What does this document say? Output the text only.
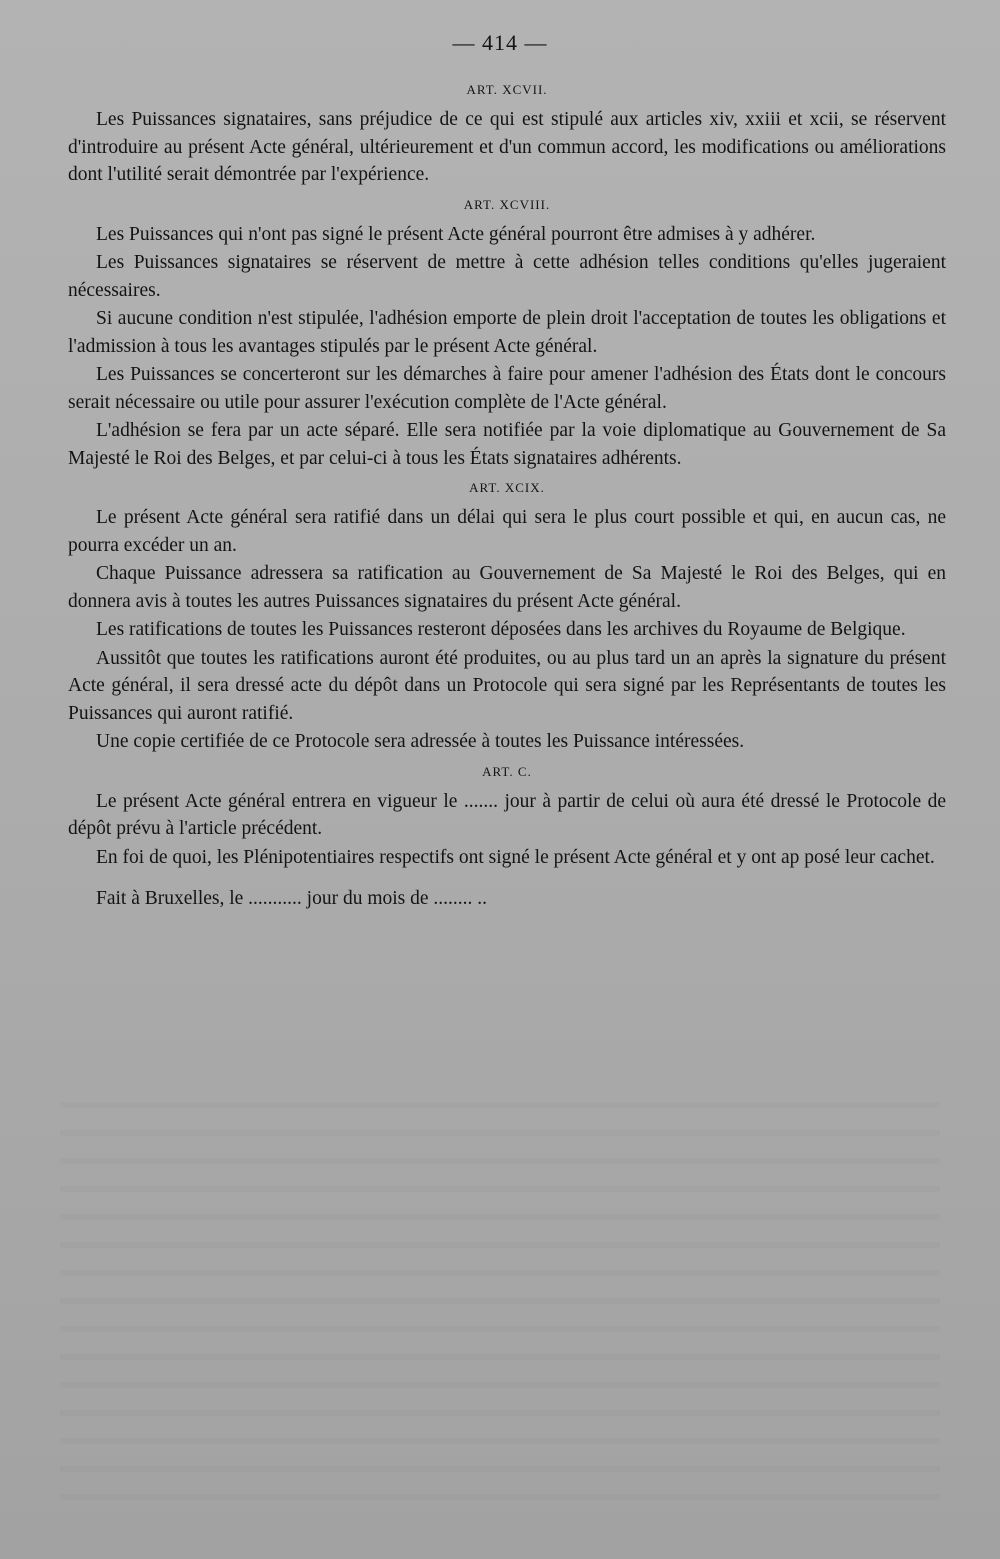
— 414 —
ART. XCVII.

Les Puissances signataires, sans préjudice de ce qui est stipulé aux articles xiv, xxiii et xcii, se réservent d'introduire au présent Acte général, ultérieurement et d'un commun accord, les modifications ou améliorations dont l'utilité serait démontrée par l'expérience.

ART. XCVIII.

Les Puissances qui n'ont pas signé le présent Acte général pourront être admises à y adhérer.

Les Puissances signataires se réservent de mettre à cette adhésion telles conditions qu'elles jugeraient nécessaires.

Si aucune condition n'est stipulée, l'adhésion emporte de plein droit l'acceptation de toutes les obligations et l'admission à tous les avantages stipulés par le présent Acte général.

Les Puissances se concerteront sur les démarches à faire pour amener l'adhésion des États dont le concours serait nécessaire ou utile pour assurer l'exécution complète de l'Acte général.

L'adhésion se fera par un acte séparé. Elle sera notifiée par la voie diplomatique au Gouvernement de Sa Majesté le Roi des Belges, et par celui-ci à tous les États signataires adhérents.

ART. XCIX.

Le présent Acte général sera ratifié dans un délai qui sera le plus court possible et qui, en aucun cas, ne pourra excéder un an.

Chaque Puissance adressera sa ratification au Gouvernement de Sa Majesté le Roi des Belges, qui en donnera avis à toutes les autres Puissances signataires du présent Acte général.

Les ratifications de toutes les Puissances resteront déposées dans les archives du Royaume de Belgique.

Aussitôt que toutes les ratifications auront été produites, ou au plus tard un an après la signature du présent Acte général, il sera dressé acte du dépôt dans un Protocole qui sera signé par les Représentants de toutes les Puissances qui auront ratifié.

Une copie certifiée de ce Protocole sera adressée à toutes les Puissance intéressées.

ART. C.

Le présent Acte général entrera en vigueur le ....... jour à partir de celui où aura été dressé le Protocole de dépôt prévu à l'article précédent.

En foi de quoi, les Plénipotentiaires respectifs ont signé le présent Acte général et y ont ap posé leur cachet.

Fait à Bruxelles, le ........... jour du mois de ........ ..
